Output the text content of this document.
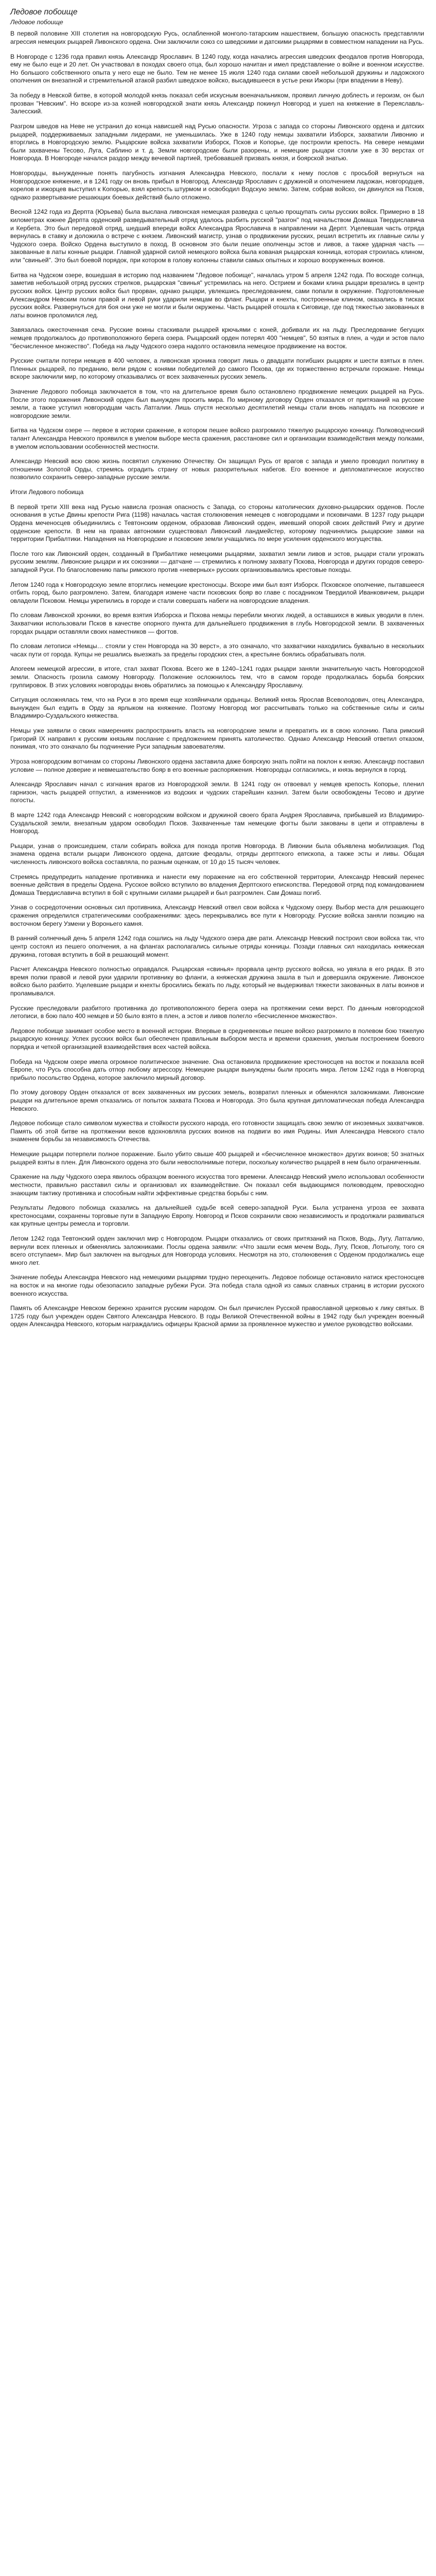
Ледовое побоище
Ледовое побоище

В первой половине XIII столетия на новгородскую Русь, ослабленной монголо-татарским нашествием, большую опасность представляли агрессия немецких рыцарей Ливонского ордена. Они заключили союз со шведскими и датскими рыцарями в совместном нападении на Русь.

В Новгороде с 1236 года правил князь Александр Ярославич. В 1240 году, когда начались агрессия шведских феодалов против Новгорода, ему не было еще и 20 лет. Он участвовал в походах своего отца, был хорошо начитан и имел представление о войне и военном искусстве. Но большого собственного опыта у него еще не было. Тем не менее 15 июля 1240 года силами своей небольшой дружины и ладожского ополчения он внезапной и стремительной атакой разбил шведское войско, высадившееся в устье реки Ижоры (при впадении в Неву).

За победу в Невской битве, в которой молодой князь показал себя искусным военачальником, проявил личную доблесть и героизм, он был прозван "Невским". Но вскоре из-за козней новгородской знати князь Александр покинул Новгород и ушел на княжение в Переяславль-Залесский.

Разгром шведов на Неве не устранил до конца нависшей над Русью опасности. Угроза с запада со стороны Ливонского ордена и датских рыцарей, поддерживаемых западными лидерами, не уменьшилась. Уже в 1240 году немцы захватили Изборск, захватили Ливонию и вторглись в Новгородскую землю. Рыцарские войска захватили Изборск, Псков и Копорье, где построили крепость. На севере немцами были захвачены Тесово, Луга, Саблино и т. д. Земли новгородские были разорены, и немецкие рыцари стояли уже в 30 верстах от Новгорода. В Новгороде начался раздор между вечевой партией, требовавшей призвать князя, и боярской знатью.

Новгородцы, вынужденные понять пагубность изгнания Александра Невского, послали к нему послов с просьбой вернуться на Новгородское княжение, и в 1241 году он вновь прибыл в Новгород. Александр Ярославич с дружиной и ополчением ладожан, новгородцев, корелов и ижорцев выступил к Копорью, взял крепость штурмом и освободил Водскую землю. Затем, собрав войско, он двинулся на Псков, однако развертывание решающих боевых действий было отложено.

Весной 1242 года из Дерпта (Юрьева) была выслана ливонская немецкая разведка с целью прощупать силы русских войск. Примерно в 18 километрах южнее Дерпта орденский разведывательный отряд удалось разбить русской "разгон" под начальством Домаша Твердиславича и Кербета. Это был передовой отряд, шедший впереди войск Александра Ярославича в направлении на Дерпт. Уцелевшая часть отряда вернулась в ставку и доложила о встрече с князем. Ливонский магистр, узнав о продвижении русских, решил встретить их главные силы у Чудского озера. Войско Ордена выступило в поход. В основном это были пешие ополченцы эстов и ливов, а также ударная часть — закованные в латы конные рыцари. Главной ударной силой немецкого войска была кованая рыцарская конница, которая строилась клином, или "свиньей". Это был боевой порядок, при котором в голову колонны ставили самых опытных и хорошо вооруженных воинов.

Битва на Чудском озере, вошедшая в историю под названием "Ледовое побоище", началась утром 5 апреля 1242 года. По восходе солнца, заметив небольшой отряд русских стрелков, рыцарская "свинья" устремилась на него. Острием и боками клина рыцари врезались в центр русских войск. Центр русских войск был прорван, однако рыцари, увлекшись преследованием, сами попали в окружение. Подготовленные Александром Невским полки правой и левой руки ударили немцам во фланг. Рыцари и кнехты, построенные клином, оказались в тисках русских войск. Развернуться для боя они уже не могли и были окружены. Часть рыцарей отошла к Сиговице, где под тяжестью закованных в латы воинов проломился лед.

Завязалась ожесточенная сеча. Русские воины стаскивали рыцарей крючьями с коней, добивали их на льду. Преследование бегущих немцев продолжалось до противоположного берега озера. Рыцарский орден потерял 400 "немцев", 50 взятых в плен, а чуди и эстов пало "бесчисленное множество". Победа на льду Чудского озера надолго остановила немецкое продвижение на восток.

Русские считали потери немцев в 400 человек, а ливонская хроника говорит лишь о двадцати погибших рыцарях и шести взятых в плен. Пленных рыцарей, по преданию, вели рядом с конями победителей до самого Пскова, где их торжественно встречали горожане. Немцы вскоре заключили мир, по которому отказывались от всех захваченных русских земель.

Значение Ледового побоища заключается в том, что на длительное время было остановлено продвижение немецких рыцарей на Русь. После этого поражения Ливонский орден был вынужден просить мира. По мирному договору Орден отказался от притязаний на русские земли, а также уступил новгородцам часть Латгалии. Лишь спустя несколько десятилетий немцы стали вновь нападать на псковские и новгородские земли.

Битва на Чудском озере — первое в истории сражение, в котором пешее войско разгромило тяжелую рыцарскую конницу. Полководческий талант Александра Невского проявился в умелом выборе места сражения, расстановке сил и организации взаимодействия между полками, в умелом использовании особенностей местности.

Александр Невский всю свою жизнь посвятил служению Отечеству. Он защищал Русь от врагов с запада и умело проводил политику в отношении Золотой Орды, стремясь оградить страну от новых разорительных набегов. Его военное и дипломатическое искусство позволило сохранить северо-западные русские земли.

Итоги Ледового побоища

В первой трети XIII века над Русью нависла грозная опасность с Запада, со стороны католических духовно-рыцарских орденов. После основания в устье Двины крепости Рига (1198) началась частая столкновения немецев с новгородцами и псковичами. В 1237 году рыцари Ордена меченосцев объединились с Тевтонским орденом, образовав Ливонский орден, имевший опорой своих действий Ригу и другие орденские крепости. В нем на правах автономии существовал Ливонский ландмейстер, которому подчинялись рыцарские замки на территории Прибалтики. Нападения на Новгородские и псковские земли учащались по мере усиления орденского могущества.

После того как Ливонский орден, созданный в Прибалтике немецкими рыцарями, захватил земли ливов и эстов, рыцари стали угрожать русским землям. Ливонские рыцари и их союзники — датчане — стремились к полному захвату Пскова, Новгорода и других городов северо-западной Руси. По благословению папы римского против «неверных» русских организовывались крестовые походы.

Летом 1240 года к Новгородскую земле вторглись немецкие крестоносцы. Вскоре ими был взят Изборск. Псковское ополчение, пытавшееся отбить город, было разгромлено. Затем, благодаря измене части псковских бояр во главе с посадником Твердилой Иванковичем, рыцари овладели Псковом. Немцы укрепились в городе и стали совершать набеги на новгородские владения.

По словам Ливонской хроники, во время взятия Изборска и Пскова немцы перебили многих людей, а оставшихся в живых уводили в плен. Захватчики использовали Псков в качестве опорного пункта для дальнейшего продвижения в глубь Новгородской земли. В захваченных городах рыцари оставляли своих наместников — фогтов.

По словам летописи «Немцы… стояли у стен Новгорода на 30 верст», а это означало, что захватчики находились буквально в нескольких часах пути от города. Купцы не решались выезжать за пределы городских стен, а крестьяне боялись обрабатывать поля.

Апогеем немецкой агрессии, в итоге, стал захват Пскова. Всего же в 1240–1241 годах рыцари заняли значительную часть Новгородской земли. Опасность грозила самому Новгороду. Положение осложнилось тем, что в самом городе продолжалась борьба боярских группировок. В этих условиях новгородцы вновь обратились за помощью к Александру Ярославичу.

Ситуация осложнялась тем, что на Руси в это время еще хозяйничали ордынцы. Великий князь Ярослав Всеволодович, отец Александра, вынужден был ездить в Орду за ярлыком на княжение. Поэтому Новгород мог рассчитывать только на собственные силы и силы Владимиро-Суздальского княжества.

Немцы уже заявили о своих намерениях распространить власть на новгородские земли и превратить их в свою колонию. Папа римский Григорий IX направил к русским князьям послание с предложением принять католичество. Однако Александр Невский ответил отказом, понимая, что это означало бы подчинение Руси западным завоевателям.

Угроза новгородским вотчинам со стороны Ливонского ордена заставила даже боярскую знать пойти на поклон к князю. Александр поставил условие — полное доверие и невмешательство бояр в его военные распоряжения. Новгородцы согласились, и князь вернулся в город.

Александр Ярославич начал с изгнания врагов из Новгородской земли. В 1241 году он отвоевал у немцев крепость Копорье, пленил гарнизон, часть рыцарей отпустил, а изменников из водских и чудских старейшин казнил. Затем были освобождены Тесово и другие погосты.

В марте 1242 года Александр Невский с новгородским войском и дружиной своего брата Андрея Ярославича, прибывшей из Владимиро-Суздальской земли, внезапным ударом освободил Псков. Захваченные там немецкие фогты были закованы в цепи и отправлены в Новгород.

Рыцари, узнав о происшедшем, стали собирать войска для похода против Новгорода. В Ливонии была объявлена мобилизация. Под знамена ордена встали рыцари Ливонского ордена, датские феодалы, отряды дерптского епископа, а также эсты и ливы. Общая численность ливонского войска составляла, по разным оценкам, от 10 до 15 тысяч человек.

Стремясь предупредить нападение противника и нанести ему поражение на его собственной территории, Александр Невский перенес военные действия в пределы Ордена. Русское войско вступило во владения Дерптского епископства. Передовой отряд под командованием Домаша Твердиславича вступил в бой с крупными силами рыцарей и был разгромлен. Сам Домаш погиб.

Узнав о сосредоточении основных сил противника, Александр Невский отвел свои войска к Чудскому озеру. Выбор места для решающего сражения определился стратегическими соображениями: здесь перекрывались все пути к Новгороду. Русские войска заняли позицию на восточном берегу Узмени у Вороньего камня.

В ранний солнечный день 5 апреля 1242 года сошлись на льду Чудского озера две рати. Александр Невский построил свои войска так, что центр состоял из пешего ополчения, а на флангах располагались сильные отряды конницы. Позади главных сил находилась княжеская дружина, готовая вступить в бой в решающий момент.

Расчет Александра Невского полностью оправдался. Рыцарская «свинья» прорвала центр русского войска, но увязла в его рядах. В это время полки правой и левой руки ударили противнику во фланги, а княжеская дружина зашла в тыл и довершила окружение. Ливонское войско было разбито. Уцелевшие рыцари и кнехты бросились бежать по льду, который не выдерживал тяжести закованных в латы воинов и проламывался.

Русские преследовали разбитого противника до противоположного берега озера на протяжении семи верст. По данным новгородской летописи, в бою пало 400 немцев и 50 было взято в плен, а эстов и ливов полегло «бесчисленное множество».

Ледовое побоище занимает особое место в военной истории. Впервые в средневековье пешее войско разгромило в полевом бою тяжелую рыцарскую конницу. Успех русских войск был обеспечен правильным выбором места и времени сражения, умелым построением боевого порядка и четкой организацией взаимодействия всех частей войска.

Победа на Чудском озере имела огромное политическое значение. Она остановила продвижение крестоносцев на восток и показала всей Европе, что Русь способна дать отпор любому агрессору. Немецкие рыцари вынуждены были просить мира. Летом 1242 года в Новгород прибыло посольство Ордена, которое заключило мирный договор.

По этому договору Орден отказался от всех захваченных им русских земель, возвратил пленных и обменялся заложниками. Ливонские рыцари на длительное время отказались от попыток захвата Пскова и Новгорода. Это была крупная дипломатическая победа Александра Невского.

Ледовое побоище стало символом мужества и стойкости русского народа, его готовности защищать свою землю от иноземных захватчиков. Память об этой битве на протяжении веков вдохновляла русских воинов на подвиги во имя Родины. Имя Александра Невского стало знаменем борьбы за независимость Отечества.

Немецкие рыцари потерпели полное поражение. Было убито свыше 400 рыцарей и «бесчисленное множество» других воинов; 50 знатных рыцарей взяты в плен. Для Ливонского ордена это были невосполнимые потери, поскольку количество рыцарей в нем было ограниченным.

Сражение на льду Чудского озера явилось образцом военного искусства того времени. Александр Невский умело использовал особенности местности, правильно расставил силы и организовал их взаимодействие. Он показал себя выдающимся полководцем, превосходно знающим тактику противника и способным найти эффективные средства борьбы с ним.

Результаты Ледового побоища сказались на дальнейшей судьбе всей северо-западной Руси. Была устранена угроза ее захвата крестоносцами, сохранены торговые пути в Западную Европу. Новгород и Псков сохранили свою независимость и продолжали развиваться как крупные центры ремесла и торговли.

Летом 1242 года Тевтонский орден заключил мир с Новгородом. Рыцари отказались от своих притязаний на Псков, Водь, Лугу, Латгалию, вернули всех пленных и обменялись заложниками. Послы ордена заявили: «Что зашли есмя мечем Водь, Лугу, Псков, Лотыголу, того ся всего отступаем». Мир был заключен на выгодных для Новгорода условиях. Несмотря на это, столкновения с Орденом продолжались еще много лет.

Значение победы Александра Невского над немецкими рыцарями трудно переоценить. Ледовое побоище остановило натиск крестоносцев на восток и на многие годы обезопасило западные рубежи Руси. Эта победа стала одной из самых славных страниц в истории русского военного искусства.

Память об Александре Невском бережно хранится русским народом. Он был причислен Русской православной церковью к лику святых. В 1725 году был учрежден орден Святого Александра Невского. В годы Великой Отечественной войны в 1942 году был учрежден военный орден Александра Невского, которым награждались офицеры Красной армии за проявленное мужество и умелое руководство войсками.
